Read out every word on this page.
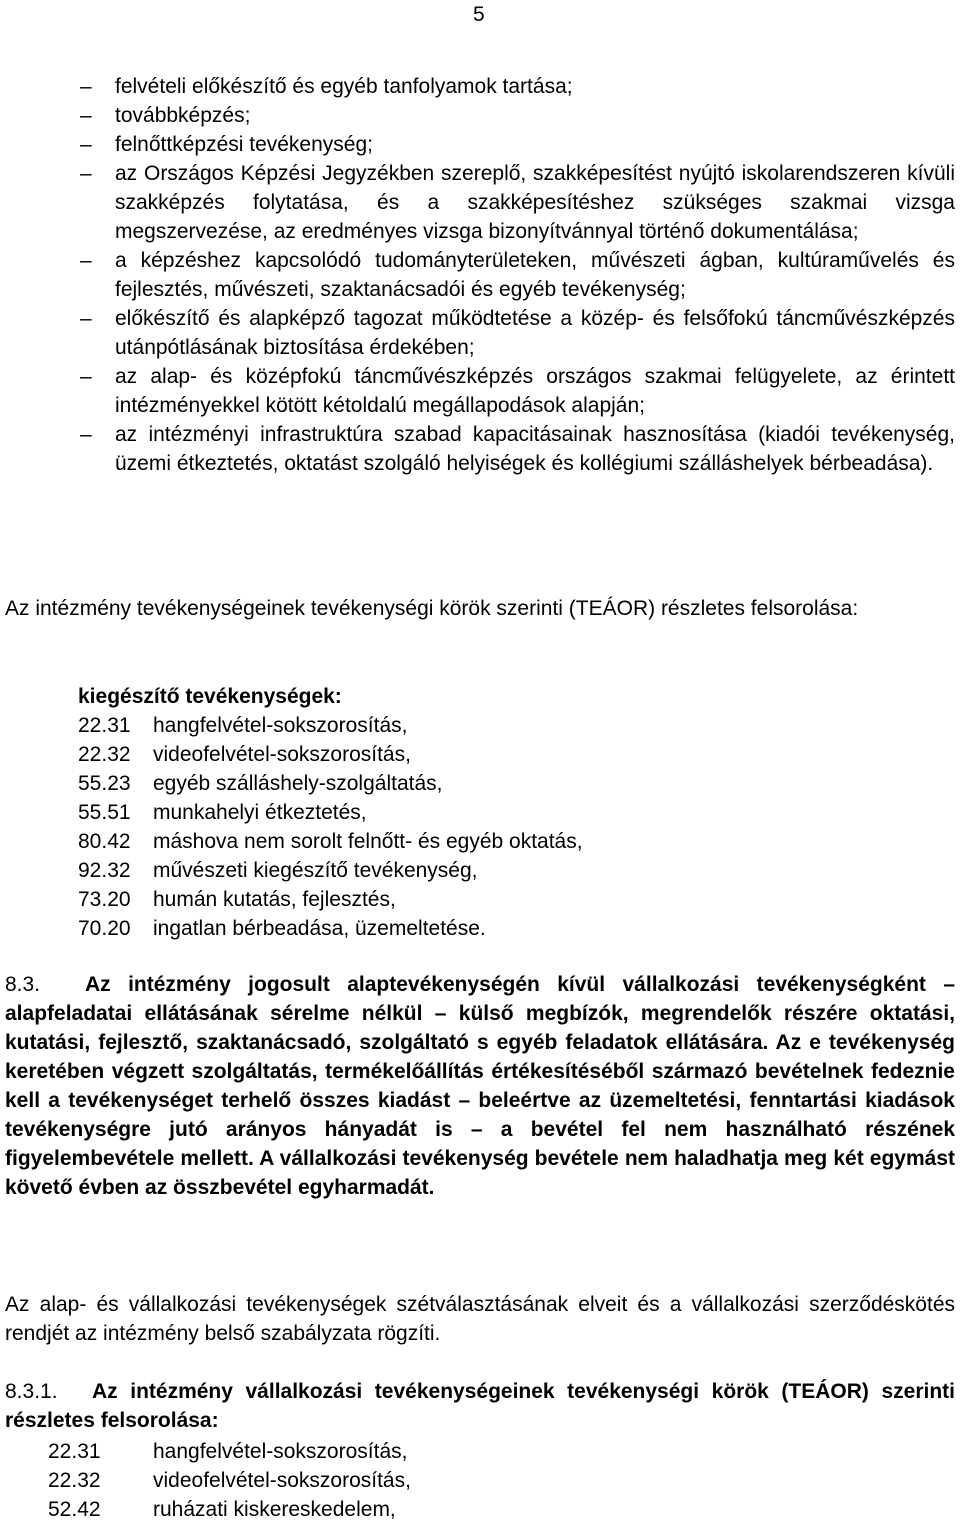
5
– felvételi előkészítő és egyéb tanfolyamok tartása;
– továbbképzés;
– felnőttképzési tevékenység;
– az Országos Képzési Jegyzékben szereplő, szakképesítést nyújtó iskolarendszeren kívüli szakképzés folytatása, és a szakképesítéshez szükséges szakmai vizsga megszervezése, az eredményes vizsga bizonyítvánnyal történő dokumentálása;
– a képzéshez kapcsolódó tudományterületeken, művészeti ágban, kultúraművelés és fejlesztés, művészeti, szaktanácsadói és egyéb tevékenység;
– előkészítő és alapképző tagozat működtetése a közép- és felsőfokú táncművészképzés utánpótlásának biztosítása érdekében;
– az alap- és középfokú táncművészképzés országos szakmai felügyelete, az érintett intézményekkel kötött kétoldalú megállapodások alapján;
– az intézményi infrastruktúra szabad kapacitásainak hasznosítása (kiadói tevékenység, üzemi étkeztetés, oktatást szolgáló helyiségek és kollégiumi szálláshelyek bérbeadása).
Az intézmény tevékenységeinek tevékenységi körök szerinti (TEÁOR) részletes felsorolása:
kiegészítő tevékenységek:
22.31	hangfelvétel-sokszorosítás,
22.32	videofelvétel-sokszorosítás,
55.23	egyéb szálláshely-szolgáltatás,
55.51	munkahelyi étkeztetés,
80.42	máshova nem sorolt felnőtt- és egyéb oktatás,
92.32	művészeti kiegészítő tevékenység,
73.20	humán kutatás, fejlesztés,
70.20	ingatlan bérbeadása, üzemeltetése.
8.3. Az intézmény jogosult alaptevékenységén kívül vállalkozási tevékenységként – alapfeladatai ellátásának sérelme nélkül – külső megbízók, megrendelők részére oktatási, kutatási, fejlesztő, szaktanácsadó, szolgáltató s egyéb feladatok ellátására. Az e tevékenység keretében végzett szolgáltatás, termékelőállítás értékesítéséből származó bevételnek fedeznie kell a tevékenységet terhelő összes kiadást – beleértve az üzemeltetési, fenntartási kiadások tevékenységre jutó arányos hányadát is – a bevétel fel nem használható részének figyelembevétele mellett. A vállalkozási tevékenység bevétele nem haladhatja meg két egymást követő évben az összbevétel egyharmadát.
Az alap- és vállalkozási tevékenységek szétválasztásának elveit és a vállalkozási szerződéskötés rendjét az intézmény belső szabályzata rögzíti.
8.3.1. Az intézmény vállalkozási tevékenységeinek tevékenységi körök (TEÁOR) szerinti részletes felsorolása:
22.31	hangfelvétel-sokszorosítás,
22.32	videofelvétel-sokszorosítás,
52.42	ruházati kiskereskedelem,
